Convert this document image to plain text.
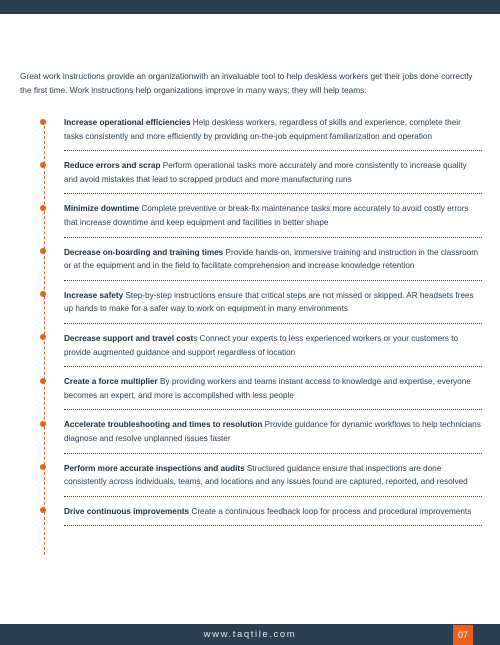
Great work instructions provide an organizationwith an invaluable tool to help deskless workers get their jobs done correctly the first time. Work instructions help organizations improve in many ways; they will help teams:

Increase operational efficiencies Help deskless workers, regardless of skills and experience, complete their tasks consistently and more efficiently by providing on-the-job equipment familiarization and operation
Reduce errors and scrap Perform operational tasks more accurately and more consistently to increase quality and avoid mistakes that lead to scrapped product and more manufacturing runs
Minimize downtime Complete preventive or break-fix maintenance tasks more accurately to avoid costly errors that increase downtime and keep equipment and facilities in better shape
Decrease on-boarding and training times Provide hands-on, immersive training and instruction in the classroom or at the equipment and in the field to facilitate comprehension and increase knowledge retention
Increase safety Step-by-step instructions ensure that critical steps are not missed or skipped. AR headsets frees up hands to make for a safer way to work on equipment in many environments
Decrease support and travel costs Connect your experts to less experienced workers or your customers to provide augmented guidance and support regardless of location
Create a force multiplier By providing workers and teams instant access to knowledge and expertise, everyone becomes an expert, and more is accomplished with less people
Accelerate troubleshooting and times to resolution Provide guidance for dynamic workflows to help technicians diagnose and resolve unplanned issues faster
Perform more accurate inspections and audits Structured guidance ensure that inspections are done consistently across individuals, teams, and locations and any issues found are captured, reported, and resolved
Drive continuous improvements Create a continuous feedback loop for process and procedural improvements
www.taqtile.com	07
